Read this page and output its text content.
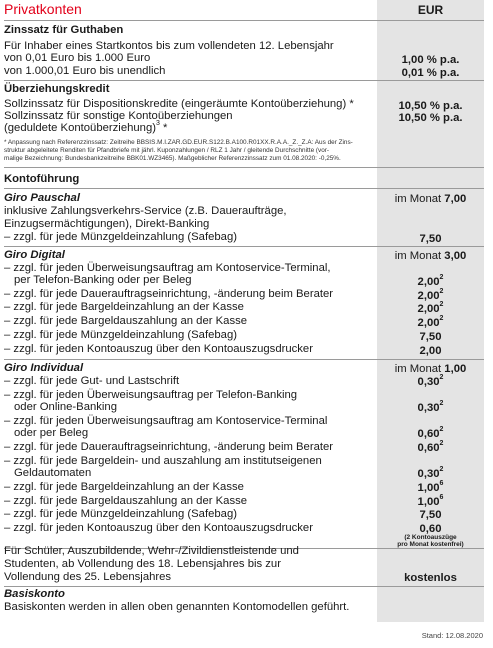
Privatkonten	EUR
Zinssatz für Guthaben
Für Inhaber eines Startkontos bis zum vollendeten 12. Lebensjahr
von 0,01 Euro bis 1.000 Euro	1,00 % p.a.
von 1.000,01 Euro bis unendlich	0,01 % p.a.
Überziehungskredit
Sollzinssatz für Dispositionskredite (eingeräumte Kontoüberziehung) *	10,50 % p.a.
Sollzinssatz für sonstige Kontoüberziehungen	10,50 % p.a.
(geduldete Kontoüberziehung)$^3$ *
* Anpassung nach Referenzzinssatz: Zeitreihe BBSIS.M.I.ZAR.GD.EUR.S122.B.A100.R01XX.R.A.A._Z._Z.A: Aus der Zins-
struktur abgeleitete Renditen für Pfandbriefe mit jährl. Kuponzahlungen / RLZ 1 Jahr / gleitende Durchschnitte (vor-
malige Bezeichnung: Bundesbankzeitreihe BBK01.WZ3465). Maßgeblicher Referenzzinssatz zum 01.08.2020: -0,25%.
Kontoführung
Giro Pauschal	im Monat 7,00
inklusive Zahlungsverkehrs-Service (z.B. Daueraufträge,
Einzugsermächtigungen), Direkt-Banking
– zzgl. für jede Münzgeldeinzahlung (Safebag)	7,50
Giro Digital	im Monat 3,00
– zzgl. für jeden Überweisungsauftrag am Kontoservice-Terminal,
per Telefon-Banking oder per Beleg	2,00$^2$
– zzgl. für jede Dauerauftragseinrichtung, -änderung beim Berater	2,00$^2$
– zzgl. für jede Bargeldeinzahlung an der Kasse	2,00$^2$
– zzgl. für jede Bargeldauszahlung an der Kasse	2,00$^2$
– zzgl. für jede Münzgeldeinzahlung (Safebag)	7,50
– zzgl. für jeden Kontoauszug über den Kontoauszugsdrucker	2,00
Giro Individual	im Monat 1,00
– zzgl. für jede Gut- und Lastschrift	0,30$^2$
– zzgl. für jeden Überweisungsauftrag per Telefon-Banking
oder Online-Banking	0,30$^2$
– zzgl. für jeden Überweisungsauftrag am Kontoservice-Terminal
oder per Beleg	0,60$^2$
– zzgl. für jede Dauerauftragseinrichtung, -änderung beim Berater	0,60$^2$
– zzgl. für jede Bargeldein- und auszahlung am institutseigenen
Geldautomaten	0,30$^2$
– zzgl. für jede Bargeldeinzahlung an der Kasse	1,00$^6$
– zzgl. für jede Bargeldauszahlung an der Kasse	1,00$^6$
– zzgl. für jede Münzgeldeinzahlung (Safebag)	7,50
– zzgl. für jeden Kontoauszug über den Kontoauszugsdrucker	0,60
(2 Kontoauszüge
pro Monat kostenfrei)
Für Schüler, Auszubildende, Wehr-/Zivildienstleistende und
Studenten, ab Vollendung des 18. Lebensjahres bis zur
Vollendung des 25. Lebensjahres	kostenlos
Basiskonto
Basiskonten werden in allen oben genannten Kontomodellen geführt.
Stand: 12.08.2020
